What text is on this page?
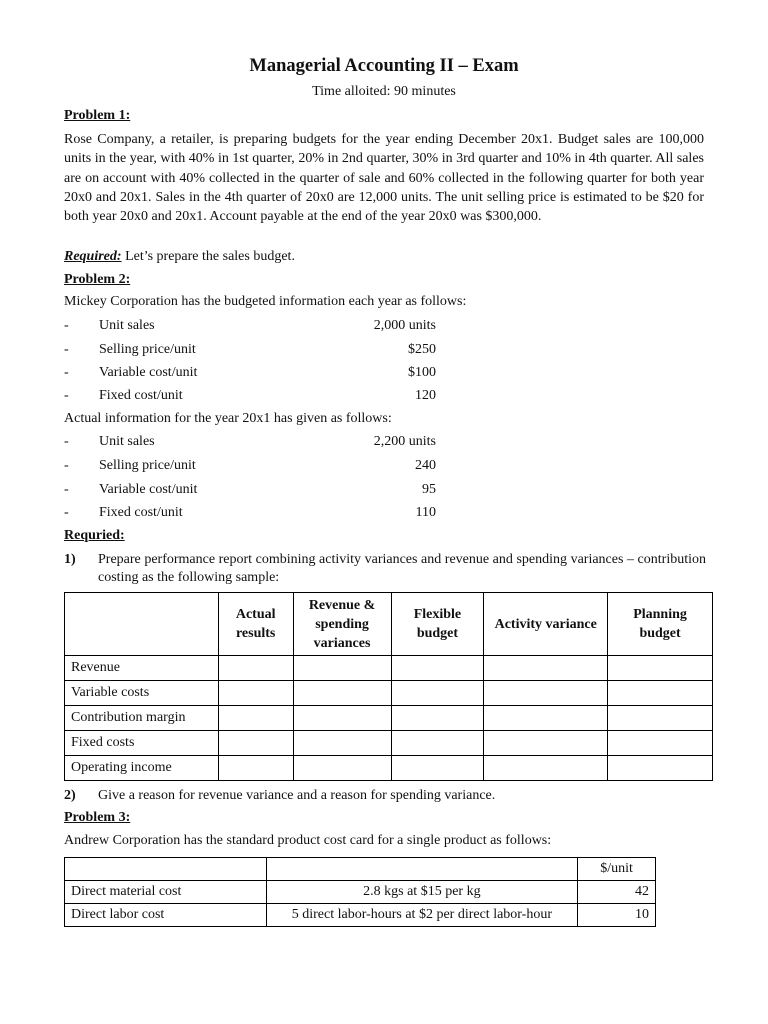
Managerial Accounting II – Exam
Time alloited: 90 minutes
Problem 1:
Rose Company, a retailer, is preparing budgets for the year ending December 20x1. Budget sales are 100,000 units in the year, with 40% in 1st quarter, 20% in 2nd quarter, 30% in 3rd quarter and 10% in 4th quarter. All sales are on account with 40% collected in the quarter of sale and 60% collected in the following quarter for both year 20x0 and 20x1. Sales in the 4th quarter of 20x0 are 12,000 units. The unit selling price is estimated to be $20 for both year 20x0 and 20x1. Account payable at the end of the year 20x0 was $300,000.
Required: Let’s prepare the sales budget.
Problem 2:
Mickey Corporation has the budgeted information each year as follows:
- Unit sales	2,000 units
- Selling price/unit	$250
- Variable cost/unit	$100
- Fixed cost/unit	120
Actual information for the year 20x1 has given as follows:
- Unit sales	2,200 units
- Selling price/unit	240
- Variable cost/unit	95
- Fixed cost/unit	110
Requried:
1) Prepare performance report combining activity variances and revenue and spending variances – contribution costing as the following sample:
	Actual results	Revenue & spending variances	Flexible budget	Activity variance	Planning budget
Revenue					
Variable costs					
Contribution margin					
Fixed costs					
Operating income					
2) Give a reason for revenue variance and a reason for spending variance.
Problem 3:
Andrew Corporation has the standard product cost card for a single product as follows:
		$/unit
Direct material cost	2.8 kgs at $15 per kg	42
Direct labor cost	5 direct labor-hours at $2 per direct labor-hour	10
